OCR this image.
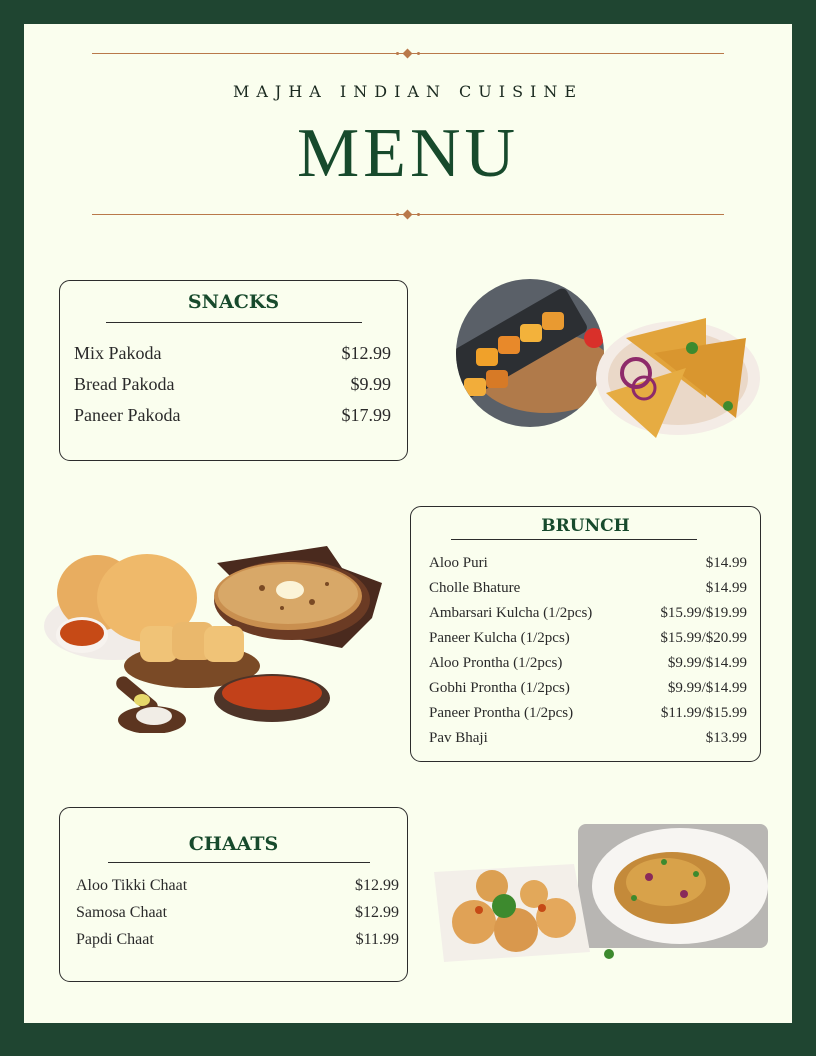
MAJHA INDIAN CUISINE
MENU
SNACKS
Mix Pakoda	$12.99
Bread Pakoda	$9.99
Paneer Pakoda	$17.99
BRUNCH
Aloo Puri	$14.99
Cholle Bhature	$14.99
Ambarsari Kulcha (1/2pcs)	$15.99/$19.99
Paneer Kulcha (1/2pcs)	$15.99/$20.99
Aloo Prontha (1/2pcs)	$9.99/$14.99
Gobhi Prontha (1/2pcs)	$9.99/$14.99
Paneer Prontha (1/2pcs)	$11.99/$15.99
Pav Bhaji	$13.99
CHAATS
Aloo Tikki Chaat	$12.99
Samosa Chaat	$12.99
Papdi Chaat	$11.99
